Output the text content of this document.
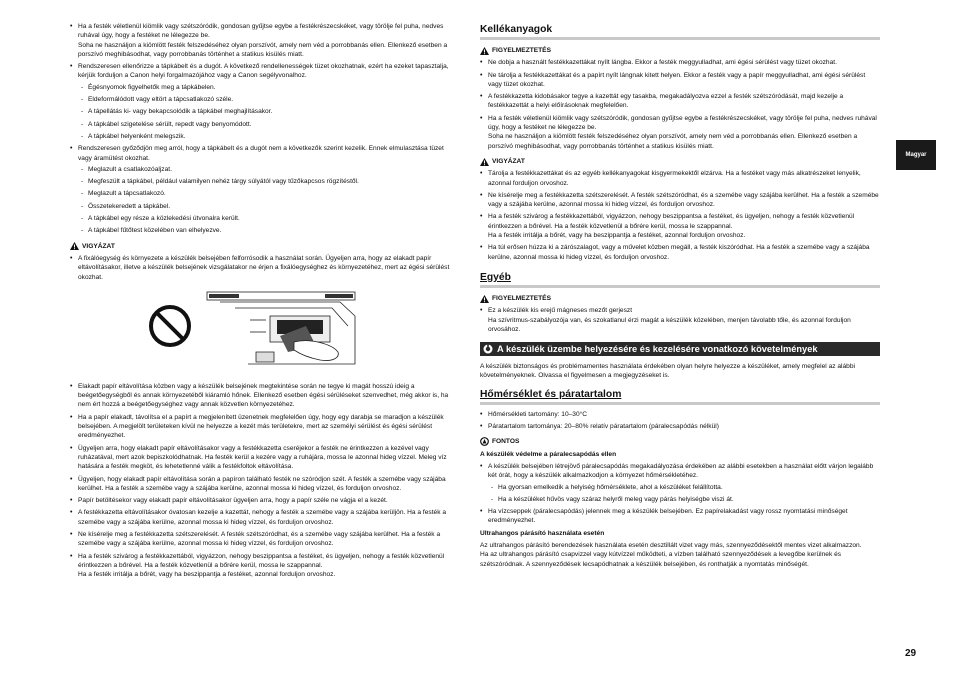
• Ha a festék véletlenül kiömlik vagy szétszóródik, gondosan gyűjtse egybe a festékrészecskéket, vagy törölje fel puha, nedves ruhával úgy, hogy a festéket ne lélegezze be.
Soha ne használjon a kiömlött festék felszedéséhez olyan porszívót, amely nem véd a porrobbanás ellen. Ellenkező esetben a porszívó meghibásodhat, vagy porrobbanás történhet a statikus kisülés miatt.
• Rendszeresen ellenőrizze a tápkábelt és a dugót. A következő rendellenességek tüzet okozhatnak, ezért ha ezeket tapasztalja, kérjük forduljon a Canon helyi forgalmazójához vagy a Canon segélyvonalhoz.
- Égésnyomok figyelhetők meg a tápkábelen.
- Eldeformálódott vagy eltört a tápcsatlakozó széle.
- A tápellátás ki- vagy bekapcsolódik a tápkábel meghajlításakor.
- A tápkábel szigetelése sérült, repedt vagy benyomódott.
- A tápkábel helyenként melegszik.
• Rendszeresen győződjön meg arról, hogy a tápkábelt és a dugót nem a következők szerint kezelik. Ennek elmulasztása tüzet vagy áramütést okozhat.
- Meglazult a csatlakozóaljzat.
- Megfeszült a tápkábel, például valamilyen nehéz tárgy súlyától vagy tűzőkapcsos rögzítéstől.
- Meglazult a tápcsatlakozó.
- Összetekeredett a tápkábel.
- A tápkábel egy része a közlekedési útvonalra került.
- A tápkábel fűtőtest közelében van elhelyezve.
VIGYÁZAT
• A fixálóegység és környezete a készülék belsejében felforrósodik a használat során. Ügyeljen arra, hogy az elakadt papír eltávolításakor, illetve a készülék belsejének vizsgálatakor ne érjen a fixálóegységhez és környezetéhez, mert az égési sérülést okozhat.
• Elakadt papír eltávolítása közben vagy a készülék belsejének megtekintése során ne tegye ki magát hosszú ideig a beégetőegységből és annak környezetéből kiáramló hőnek. Ellenkező esetben égési sérüléseket szenvedhet, még akkor is, ha nem ért hozzá a beégetőegységhez vagy annak közvetlen környezetéhez.
• Ha a papír elakadt, távolítsa el a papírt a megjelenített üzenetnek megfelelően úgy, hogy egy darabja se maradjon a készülék belsejében. A megjelölt területeken kívül ne helyezze a kezét más területekre, mert az személyi sérülést és égési sérülést eredményezhet.
• Ügyeljen arra, hogy elakadt papír eltávolításakor vagy a festékkazetta cseréjekor a festék ne érintkezzen a kezével vagy ruházatával, mert azok bepiszkolódhatnak. Ha festék kerül a kezére vagy a ruhájára, mossa le azonnal hideg vízzel. Meleg víz hatására a festék megköt, és lehetetlenné válik a festékfoltok eltávolítása.
• Ügyeljen, hogy elakadt papír eltávolítása során a papíron található festék ne szóródjon szét. A festék a szemébe vagy szájába kerülhet. Ha a festék a szemébe vagy a szájába kerülne, azonnal mossa ki hideg vízzel, és forduljon orvoshoz.
• Papír betöltésekor vagy elakadt papír eltávolításakor ügyeljen arra, hogy a papír széle ne vágja el a kezét.
• A festékkazetta eltávolításakor óvatosan kezelje a kazettát, nehogy a festék a szemébe vagy a szájába kerüljön. Ha a festék a szemébe vagy a szájába kerülne, azonnal mossa ki hideg vízzel, és forduljon orvoshoz.
• Ne kísérelje meg a festékkazetta szétszerelését. A festék szétszóródhat, és a szemébe vagy szájába kerülhet. Ha a festék a szemébe vagy a szájába kerülne, azonnal mossa ki hideg vízzel, és forduljon orvoshoz.
• Ha a festék szivárog a festékkazettából, vigyázzon, nehogy beszippantsa a festéket, és ügyeljen, nehogy a festék közvetlenül érintkezzen a bőrével. Ha a festék közvetlenül a bőrére kerül, mossa le szappannal.
Ha a festék irritálja a bőrét, vagy ha beszippantja a festéket, azonnal forduljon orvoshoz.
Kellékanyagok
FIGYELMEZTETÉS
• Ne dobja a használt festékkazettákat nyílt lángba. Ekkor a festék meggyulladhat, ami égési sérülést vagy tüzet okozhat.
• Ne tárolja a festékkazettákat és a papírt nyílt lángnak kitett helyen. Ekkor a festék vagy a papír meggyulladhat, ami égési sérülést vagy tüzet okozhat.
• A festékkazetta kidobásakor tegye a kazettát egy tasakba, megakadályozva ezzel a festék szétszóródását, majd kezelje a festékkazettát a helyi előírásoknak megfelelően.
• Ha a festék véletlenül kiömlik vagy szétszóródik, gondosan gyűjtse egybe a festékrészecskéket, vagy törölje fel puha, nedves ruhával úgy, hogy a festéket ne lélegezze be.
Soha ne használjon a kiömlött festék felszedéséhez olyan porszívót, amely nem véd a porrobbanás ellen. Ellenkező esetben a porszívó meghibásodhat, vagy porrobbanás történhet a statikus kisülés miatt.
VIGYÁZAT
• Tárolja a festékkazettákat és az egyéb kellékanyagokat kisgyermekektől elzárva. Ha a festéket vagy más alkatrészeket lenyelik, azonnal forduljon orvoshoz.
• Ne kísérelje meg a festékkazetta szétszerelését. A festék szétszóródhat, és a szemébe vagy szájába kerülhet. Ha a festék a szemébe vagy a szájába kerülne, azonnal mossa ki hideg vízzel, és forduljon orvoshoz.
• Ha a festék szivárog a festékkazettából, vigyázzon, nehogy beszippantsa a festéket, és ügyeljen, nehogy a festék közvetlenül érintkezzen a bőrével. Ha a festék közvetlenül a bőrére kerül, mossa le szappannal.
Ha a festék irritálja a bőrét, vagy ha beszippantja a festéket, azonnal forduljon orvoshoz.
• Ha túl erősen húzza ki a zárószalagot, vagy a művelet közben megáll, a festék kiszóródhat. Ha a festék a szemébe vagy a szájába kerülne, azonnal mossa ki hideg vízzel, és forduljon orvoshoz.
Egyéb
FIGYELMEZTETÉS
• Ez a készülék kis erejű mágneses mezőt gerjeszt
Ha szívritmus-szabályozója van, és szokatlanul érzi magát a készülék közelében, menjen távolabb tőle, és azonnal forduljon orvosához.
A készülék üzembe helyezésére és kezelésére vonatkozó követelmények
A készülék biztonságos és problémamentes használata érdekében olyan helyre helyezze a készüléket, amely megfelel az alábbi követelményeknek. Olvassa el figyelmesen a megjegyzéseket is.
Hőmérséklet és páratartalom
• Hőmérsékleti tartomány: 10–30°C
• Páratartalom tartománya: 20–80% relatív páratartalom (páralecsapódás nélkül)
FONTOS
A készülék védelme a páralecsapódás ellen
• A készülék belsejében létrejövő páralecsapódás megakadályozása érdekében az alábbi esetekben a használat előtt várjon legalább két órát, hogy a készülék alkalmazkodjon a környezet hőmérsékletéhez.
- Ha gyorsan emelkedik a helyiség hőmérséklete, ahol a készüléket felállította.
- Ha a készüléket hűvös vagy száraz helyről meleg vagy párás helyiségbe viszi át.
• Ha vízcseppek (páralecsapódás) jelennek meg a készülék belsejében. Ez papírelakadást vagy rossz nyomtatási minőséget eredményezhet.
Ultrahangos párásító használata esetén
Az ultrahangos párásító berendezések használata esetén desztillált vizet vagy más, szennyeződésektől mentes vizet alkalmazzon.
Ha az ultrahangos párásító csapvizzel vagy kútvízzel működteti, a vízben található szennyeződések a levegőbe kerülnek és szétszóródnak. A szennyeződések lecsapódhatnak a készülék belsejében, és ronthatják a nyomtatás minőségét.
Magyar
29
